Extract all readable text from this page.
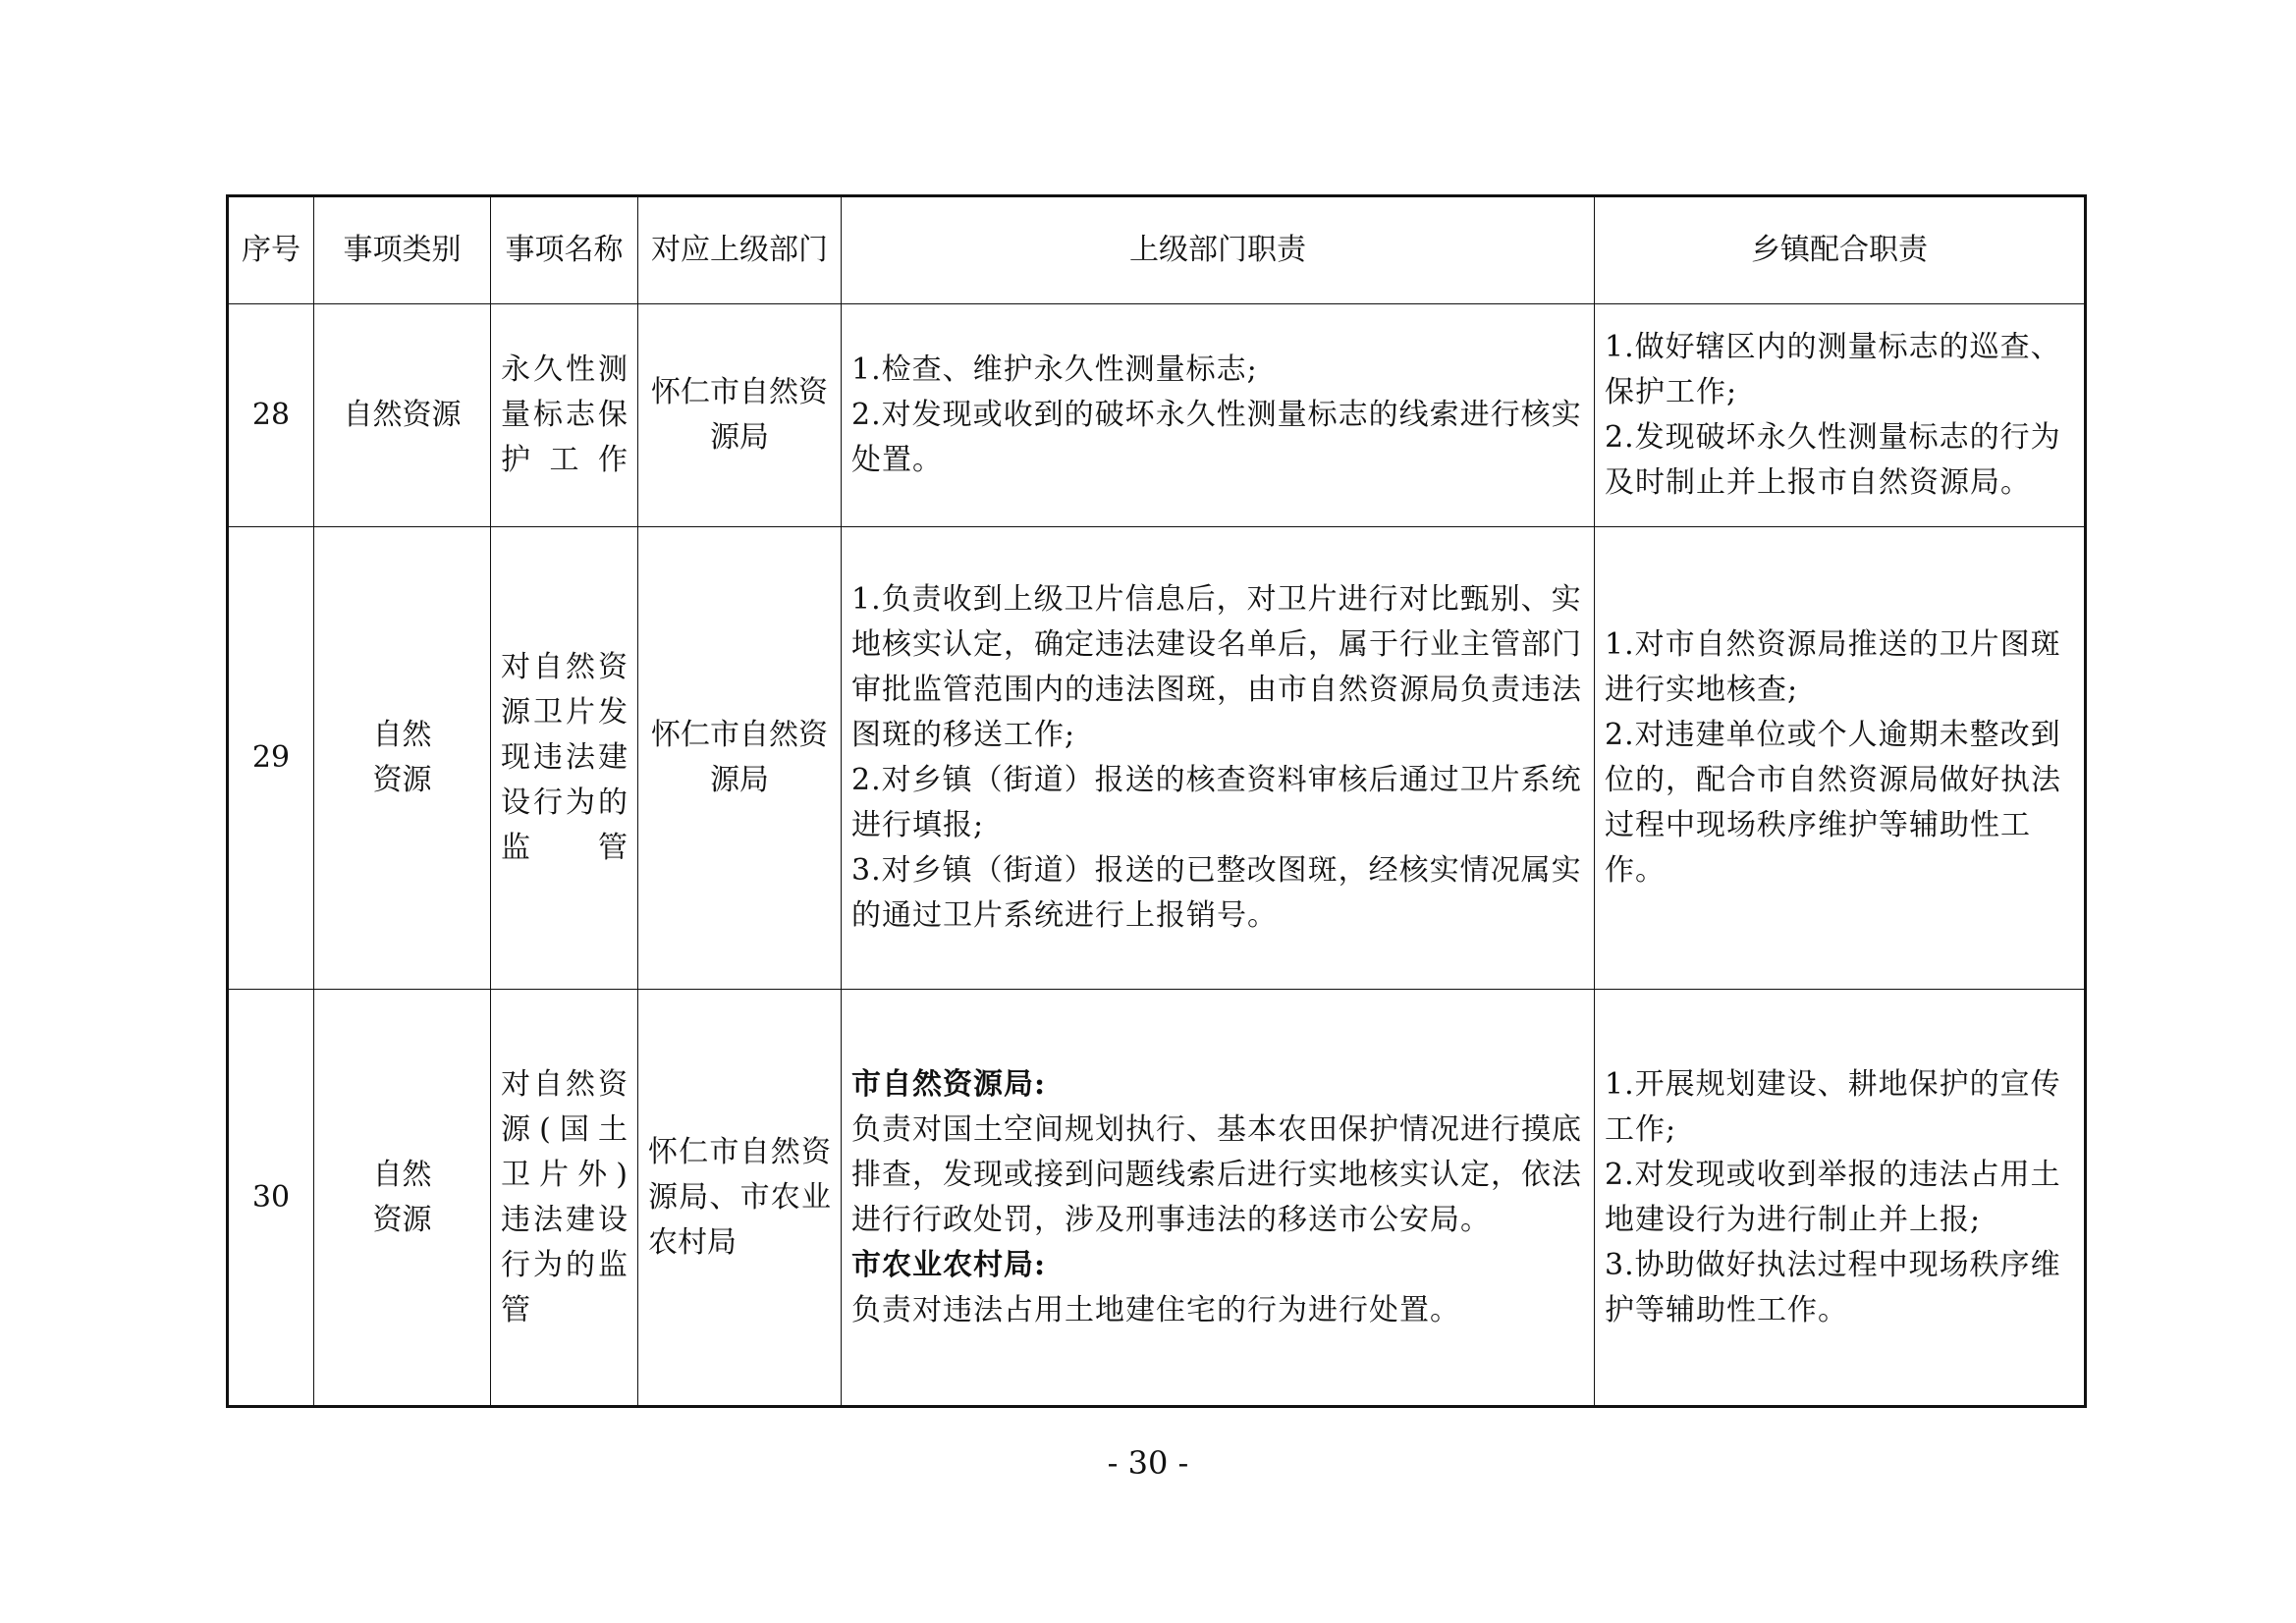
序号	事项类别	事项名称	对应上级部门	上级部门职责	乡镇配合职责
28	自然资源	永久性测量标志保护工作	怀仁市自然资源局	1.检查、维护永久性测量标志;
2.对发现或收到的破坏永久性测量标志的线索进行核实处置。	1.做好辖区内的测量标志的巡查、保护工作;
2.发现破坏永久性测量标志的行为及时制止并上报市自然资源局。

29	自然资源	对自然资源卫片发现违法建设行为的监管	怀仁市自然资源局	1.负责收到上级卫片信息后，对卫片进行对比甄别、实地核实认定，确定违法建设名单后，属于行业主管部门审批监管范围内的违法图斑，由市自然资源局负责违法图斑的移送工作;
2.对乡镇（街道）报送的核查资料审核后通过卫片系统进行填报;
3.对乡镇（街道）报送的已整改图斑，经核实情况属实的通过卫片系统进行上报销号。	1.对市自然资源局推送的卫片图斑进行实地核查;
2.对违建单位或个人逾期未整改到位的，配合市自然资源局做好执法过程中现场秩序维护等辅助性工作。

30	自然资源	对自然资源(国土卫片外)违法建设行为的监管	怀仁市自然资源局、市农业农村局	市自然资源局:
负责对国土空间规划执行、基本农田保护情况进行摸底排查，发现或接到问题线索后进行实地核实认定，依法进行行政处罚，涉及刑事违法的移送市公安局。
市农业农村局:
负责对违法占用土地建住宅的行为进行处置。	1.开展规划建设、耕地保护的宣传工作;
2.对发现或收到举报的违法占用土地建设行为进行制止并上报;
3.协助做好执法过程中现场秩序维护等辅助性工作。
- 30 -
